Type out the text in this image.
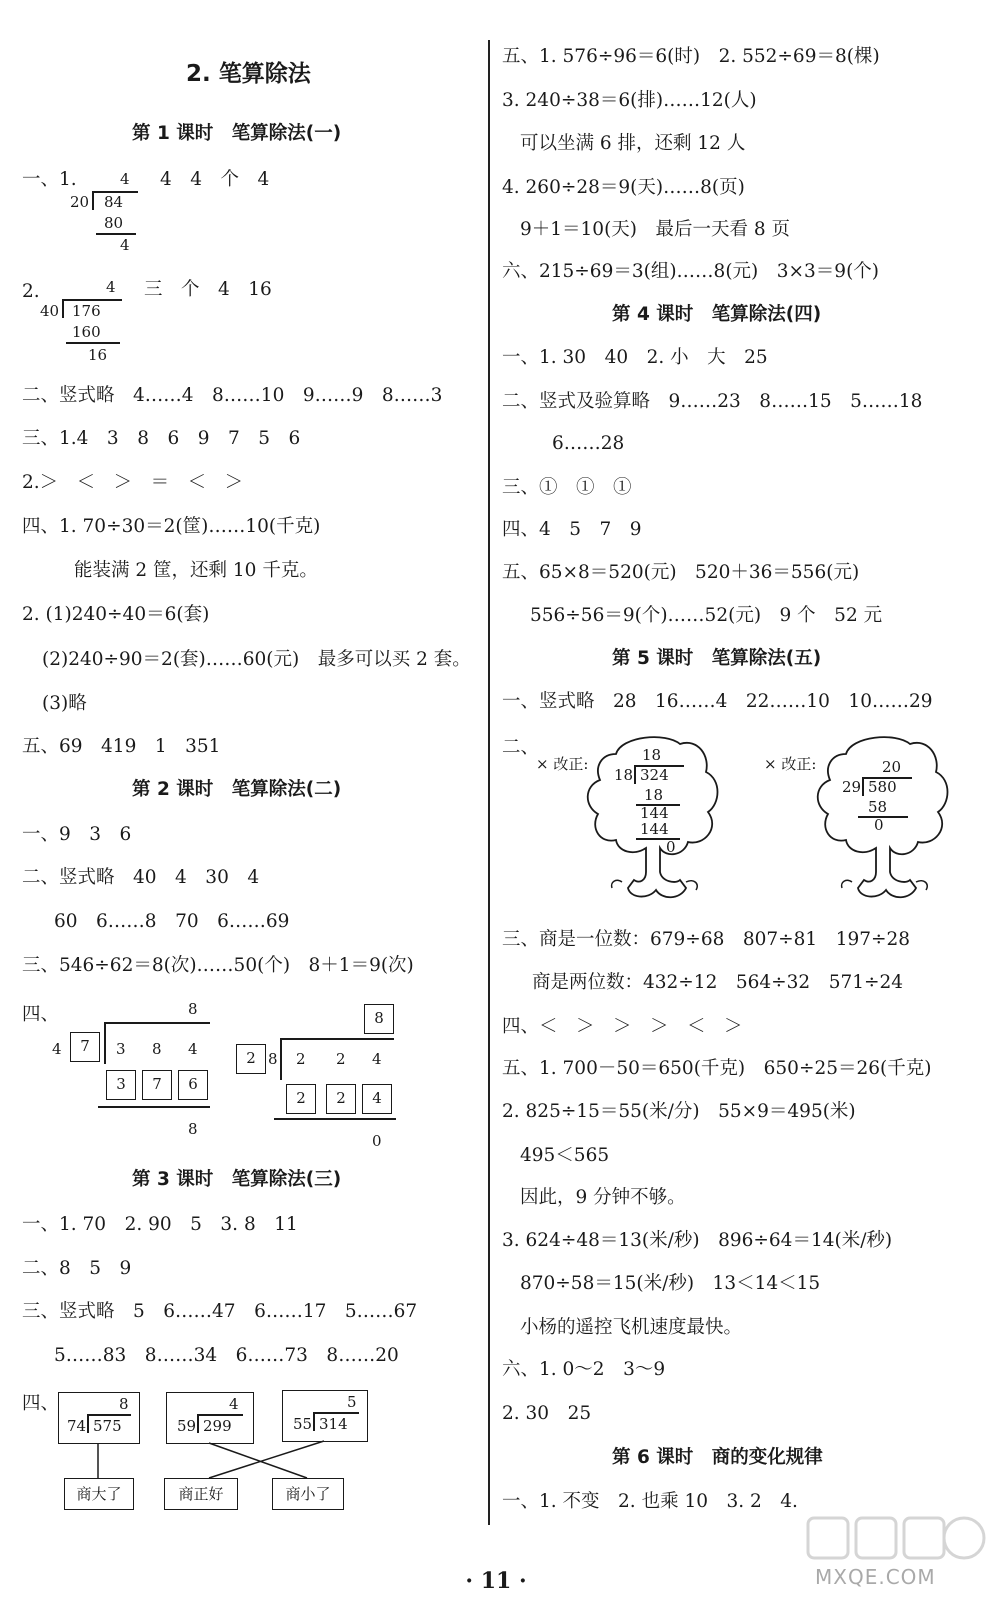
2. 笔算除法
第 1 课时　笔算除法(一)
一、1.	4
20 84
80
4
4　4　个　4
2.	4
40 176
160
16
三　个　4　16
二、竖式略　4……4　8……10　9……9　8……3
三、1.4　3　8　6　9　7　5　6
2.＞　＜　＞　＝　＜　＞
四、1. 70÷30＝2(筐)……10(千克)
能装满 2 筐，还剩 10 千克。
2. (1)240÷40＝6(套)
(2)240÷90＝2(套)……60(元)　最多可以买 2 套。
(3)略
五、69　419　1　351
第 2 课时　笔算除法(二)
一、9　3　6
二、竖式略　40　4　30　4
60　6……8　70　6……69
三、546÷62＝8(次)……50(个)　8＋1＝9(次)
四、	8
4	7	3 8 4
3	7	6
8
8
2 8 2 2 4
2	2	4
0
第 3 课时　笔算除法(三)
一、1. 70　2. 90　5　3. 8　11
二、8　5　9
三、竖式略　5　6……47　6……17　5……67
5……83　8……34　6……73　8……20
四、	8
74 575
4
59 299
5
55 314
商大了	商正好	商小了
五、1. 576÷96＝6(时)　2. 552÷69＝8(棵)
3. 240÷38＝6(排)……12(人)
可以坐满 6 排，还剩 12 人
4. 260÷28＝9(天)……8(页)
9＋1＝10(天)　最后一天看 8 页
六、215÷69＝3(组)……8(元)　3×3＝9(个)
第 4 课时　笔算除法(四)
一、1. 30　40　2. 小　大　25
二、竖式及验算略　9……23　8……15　5……18
6……28
三、①　①　①
四、4　5　7　9
五、65×8＝520(元)　520＋36＝556(元)
556÷56＝9(个)……52(元)　9 个　52 元
第 5 课时　笔算除法(五)
一、竖式略　28　16……4　22……10　10……29
二、
× 改正:	18
18 324
18
144
144
0
× 改正:	20
29 580
58
0
三、商是一位数：679÷68　807÷81　197÷28
商是两位数：432÷12　564÷32　571÷24
四、＜　＞　＞　＞　＜　＞
五、1. 700－50＝650(千克)　650÷25＝26(千克)
2. 825÷15＝55(米/分)　55×9＝495(米)
495＜565
因此，9 分钟不够。
3. 624÷48＝13(米/秒)　896÷64＝14(米/秒)
870÷58＝15(米/秒)　13＜14＜15
小杨的遥控飞机速度最快。
六、1. 0～2　3～9
2. 30　25
第 6 课时　商的变化规律
一、1. 不变　2. 也乘 10　3. 2　4.
· 11 ·	MXQE.COM
